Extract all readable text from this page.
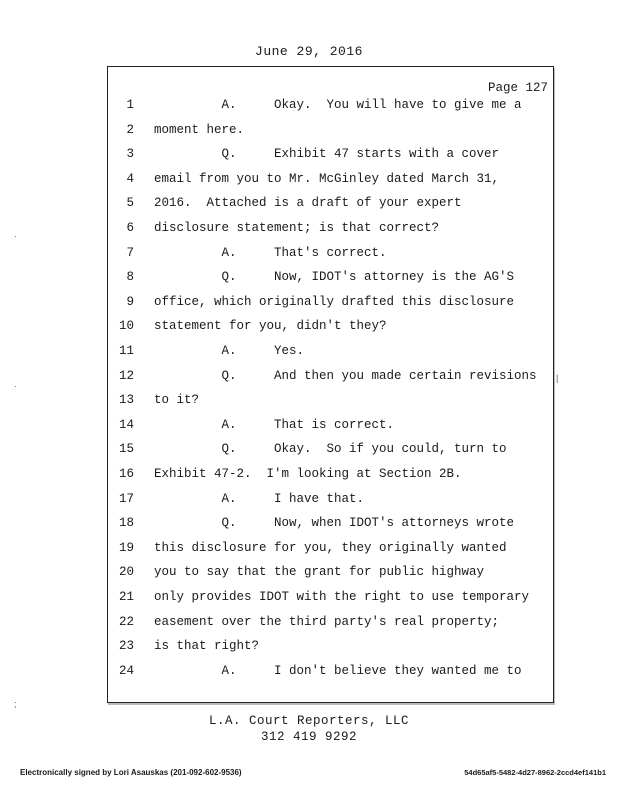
June 29, 2016
Page 127
1 A.     Okay.  You will have to give me a
2 moment here.
3 Q.     Exhibit 47 starts with a cover
4 email from you to Mr. McGinley dated March 31,
5 2016.  Attached is a draft of your expert
6 disclosure statement; is that correct?
7 A.     That's correct.
8 Q.     Now, IDOT's attorney is the AG'S
9 office, which originally drafted this disclosure
10 statement for you, didn't they?
11 A.     Yes.
12 Q.     And then you made certain revisions
13 to it?
14 A.     That is correct.
15 Q.     Okay.  So if you could, turn to
16 Exhibit 47-2.  I'm looking at Section 2B.
17 A.     I have that.
18 Q.     Now, when IDOT's attorneys wrote
19 this disclosure for you, they originally wanted
20 you to say that the grant for public highway
21 only provides IDOT with the right to use temporary
22 easement over the third party's real property;
23 is that right?
24 A.     I don't believe they wanted me to
L.A. Court Reporters, LLC
312 419 9292
Electronically signed by Lori Asauskas (201-092-602-9536)	54d65af5-5482-4d27-8962-2ccd4ef141b1
.
.
;
|
